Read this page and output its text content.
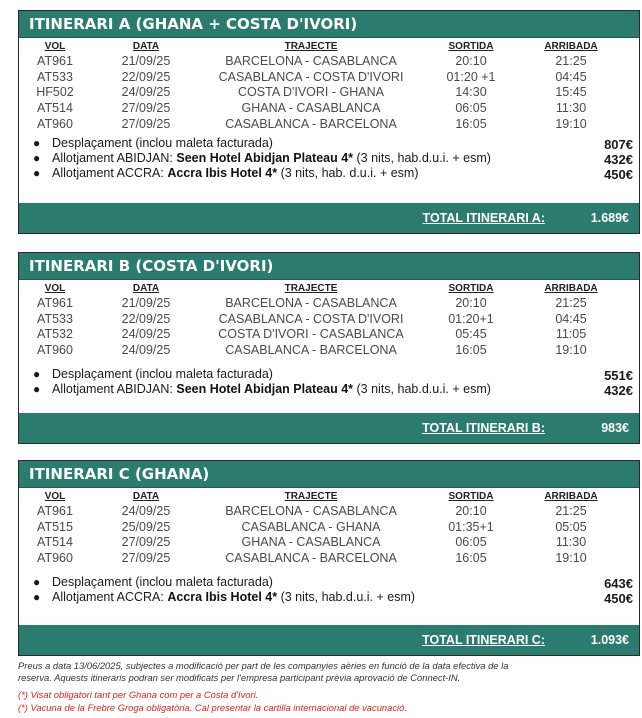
ITINERARI A (GHANA + COSTA D'IVORI)
VOL	DATA	TRAJECTE	SORTIDA	ARRIBADA
AT961	21/09/25	BARCELONA - CASABLANCA	20:10	21:25
AT533	22/09/25	CASABLANCA - COSTA D'IVORI	01:20 +1	04:45
HF502	24/09/25	COSTA D'IVORI - GHANA	14:30	15:45
AT514	27/09/25	GHANA - CASABLANCA	06:05	11:30
AT960	27/09/25	CASABLANCA - BARCELONA	16:05	19:10
● Desplaçament (inclou maleta facturada)	807€
● Allotjament ABIDJAN: Seen Hotel Abidjan Plateau 4* (3 nits, hab.d.u.i. + esm)	432€
● Allotjament ACCRA: Accra Ibis Hotel 4* (3 nits, hab. d.u.i. + esm)	450€
TOTAL ITINERARI A:	1.689€
ITINERARI B (COSTA D'IVORI)
VOL	DATA	TRAJECTE	SORTIDA	ARRIBADA
AT961	21/09/25	BARCELONA - CASABLANCA	20:10	21:25
AT533	22/09/25	CASABLANCA - COSTA D'IVORI	01:20+1	04:45
AT532	24/09/25	COSTA D'IVORI - CASABLANCA	05:45	11:05
AT960	24/09/25	CASABLANCA - BARCELONA	16:05	19:10
● Desplaçament (inclou maleta facturada)	551€
● Allotjament ABIDJAN: Seen Hotel Abidjan Plateau 4* (3 nits, hab.d.u.i. + esm)	432€
TOTAL ITINERARI B:	983€
ITINERARI C (GHANA)
VOL	DATA	TRAJECTE	SORTIDA	ARRIBADA
AT961	24/09/25	BARCELONA - CASABLANCA	20:10	21:25
AT515	25/09/25	CASABLANCA - GHANA	01:35+1	05:05
AT514	27/09/25	GHANA - CASABLANCA	06:05	11:30
AT960	27/09/25	CASABLANCA - BARCELONA	16:05	19:10
● Desplaçament (inclou maleta facturada)	643€
● Allotjament ACCRA: Accra Ibis Hotel 4* (3 nits, hab.d.u.i. + esm)	450€
TOTAL ITINERARI C:	1.093€
Preus a data 13/06/2025, subjectes a modificació per part de les companyies aèries en funció de la data efectiva de la
reserva. Aquests itineraris podran ser modificats per l'empresa participant prèvia aprovació de Connect-IN.
(*) Visat obligatori tant per Ghana com per a Costa d'Ivori.
(*) Vacuna de la Frebre Groga obligatòria. Cal presentar la cartilla internacional de vacunació.
